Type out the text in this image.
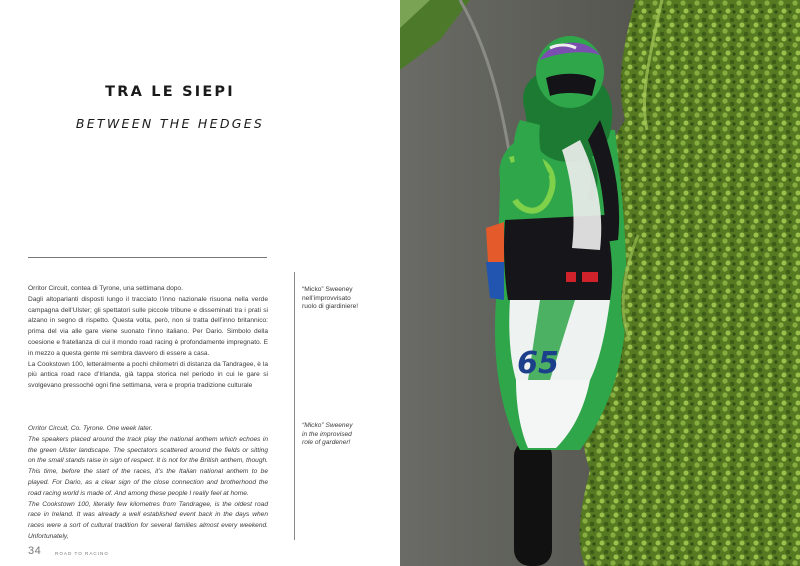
TRA LE SIEPI
BETWEEN THE HEDGES

Orritor Circuit, contea di Tyrone, una settimana dopo.

Dagli altoparlanti disposti lungo il tracciato l’inno nazionale risuona nella verde campagna dell’Ulster; gli spettatori sulle piccole tribune e disseminati tra i prati si alzano in segno di rispetto. Questa volta, però, non si tratta dell’inno britannico: prima del via alle gare viene suonato l’inno italiano. Per Dario. Simbolo della coesione e fratellanza di cui il mondo road racing è profondamente impregnato. E in mezzo a questa gente mi sembra davvero di essere a casa.

La Cookstown 100, letteralmente a pochi chilometri di distanza da Tandragee, è la più antica road race d’Irlanda, già tappa storica nel periodo in cui le gare si svolgevano pressoché ogni fine settimana, vera e propria tradizione culturale

Orritor Circuit, Co. Tyrone. One week later.

The speakers placed around the track play the national anthem which echoes in the green Ulster landscape. The spectators scattered around the fields or sitting on the small stands raise in sign of respect. It is not for the British anthem, though. This time, before the start of the races, it’s the Italian national anthem to be played. For Dario, as a clear sign of the close connection and brotherhood the road racing world is made of. And among these people I really feel at home.

The Cookstown 100, literally few kilometres from Tandragee, is the oldest road race in Ireland. It was already a well established event back in the days when races were a sort of cultural tradition for several families almost every weekend. Unfortunately,

“Micko” Sweeney
nell’improvvisato
ruolo di giardiniere!
“Micko” Sweeney
in the improvised
role of gardener!
34	ROAD TO RACING
65
